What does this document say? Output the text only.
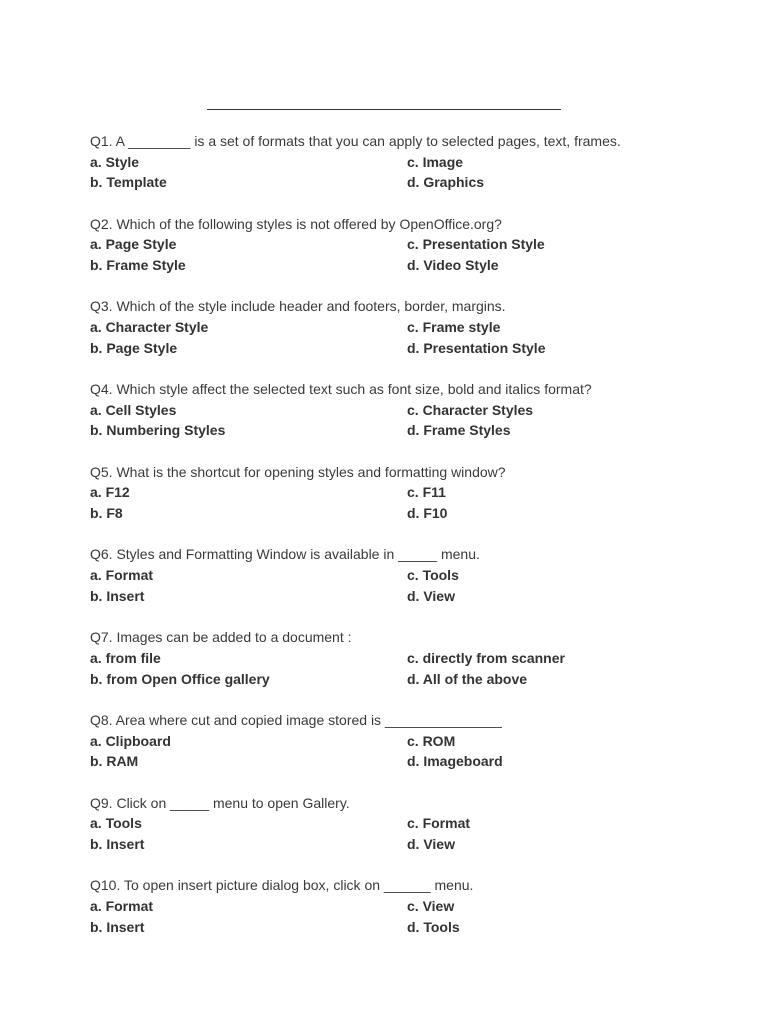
Q1. A ________ is a set of formats that you can apply to selected pages, text, frames.
a. Style	c. Image
b. Template	d. Graphics
Q2. Which of the following styles is not offered by OpenOffice.org?
a. Page Style	c. Presentation Style
b. Frame Style	d. Video Style
Q3. Which of the style include header and footers, border, margins.
a. Character Style	c. Frame style
b. Page Style	d. Presentation Style
Q4. Which style affect the selected text such as font size, bold and italics format?
a. Cell Styles	c. Character Styles
b. Numbering Styles	d. Frame Styles
Q5. What is the shortcut for opening styles and formatting window?
a. F12	c. F11
b. F8	d. F10
Q6. Styles and Formatting Window is available in _____ menu.
a. Format	c. Tools
b. Insert	d. View
Q7. Images can be added to a document :
a. from file	c. directly from scanner
b. from Open Office gallery	d. All of the above
Q8. Area where cut and copied image stored is _______________
a. Clipboard	c. ROM
b. RAM	d. Imageboard
Q9. Click on _____ menu to open Gallery.
a. Tools	c. Format
b. Insert	d. View
Q10. To open insert picture dialog box, click on ______ menu.
a. Format	c. View
b. Insert	d. Tools
